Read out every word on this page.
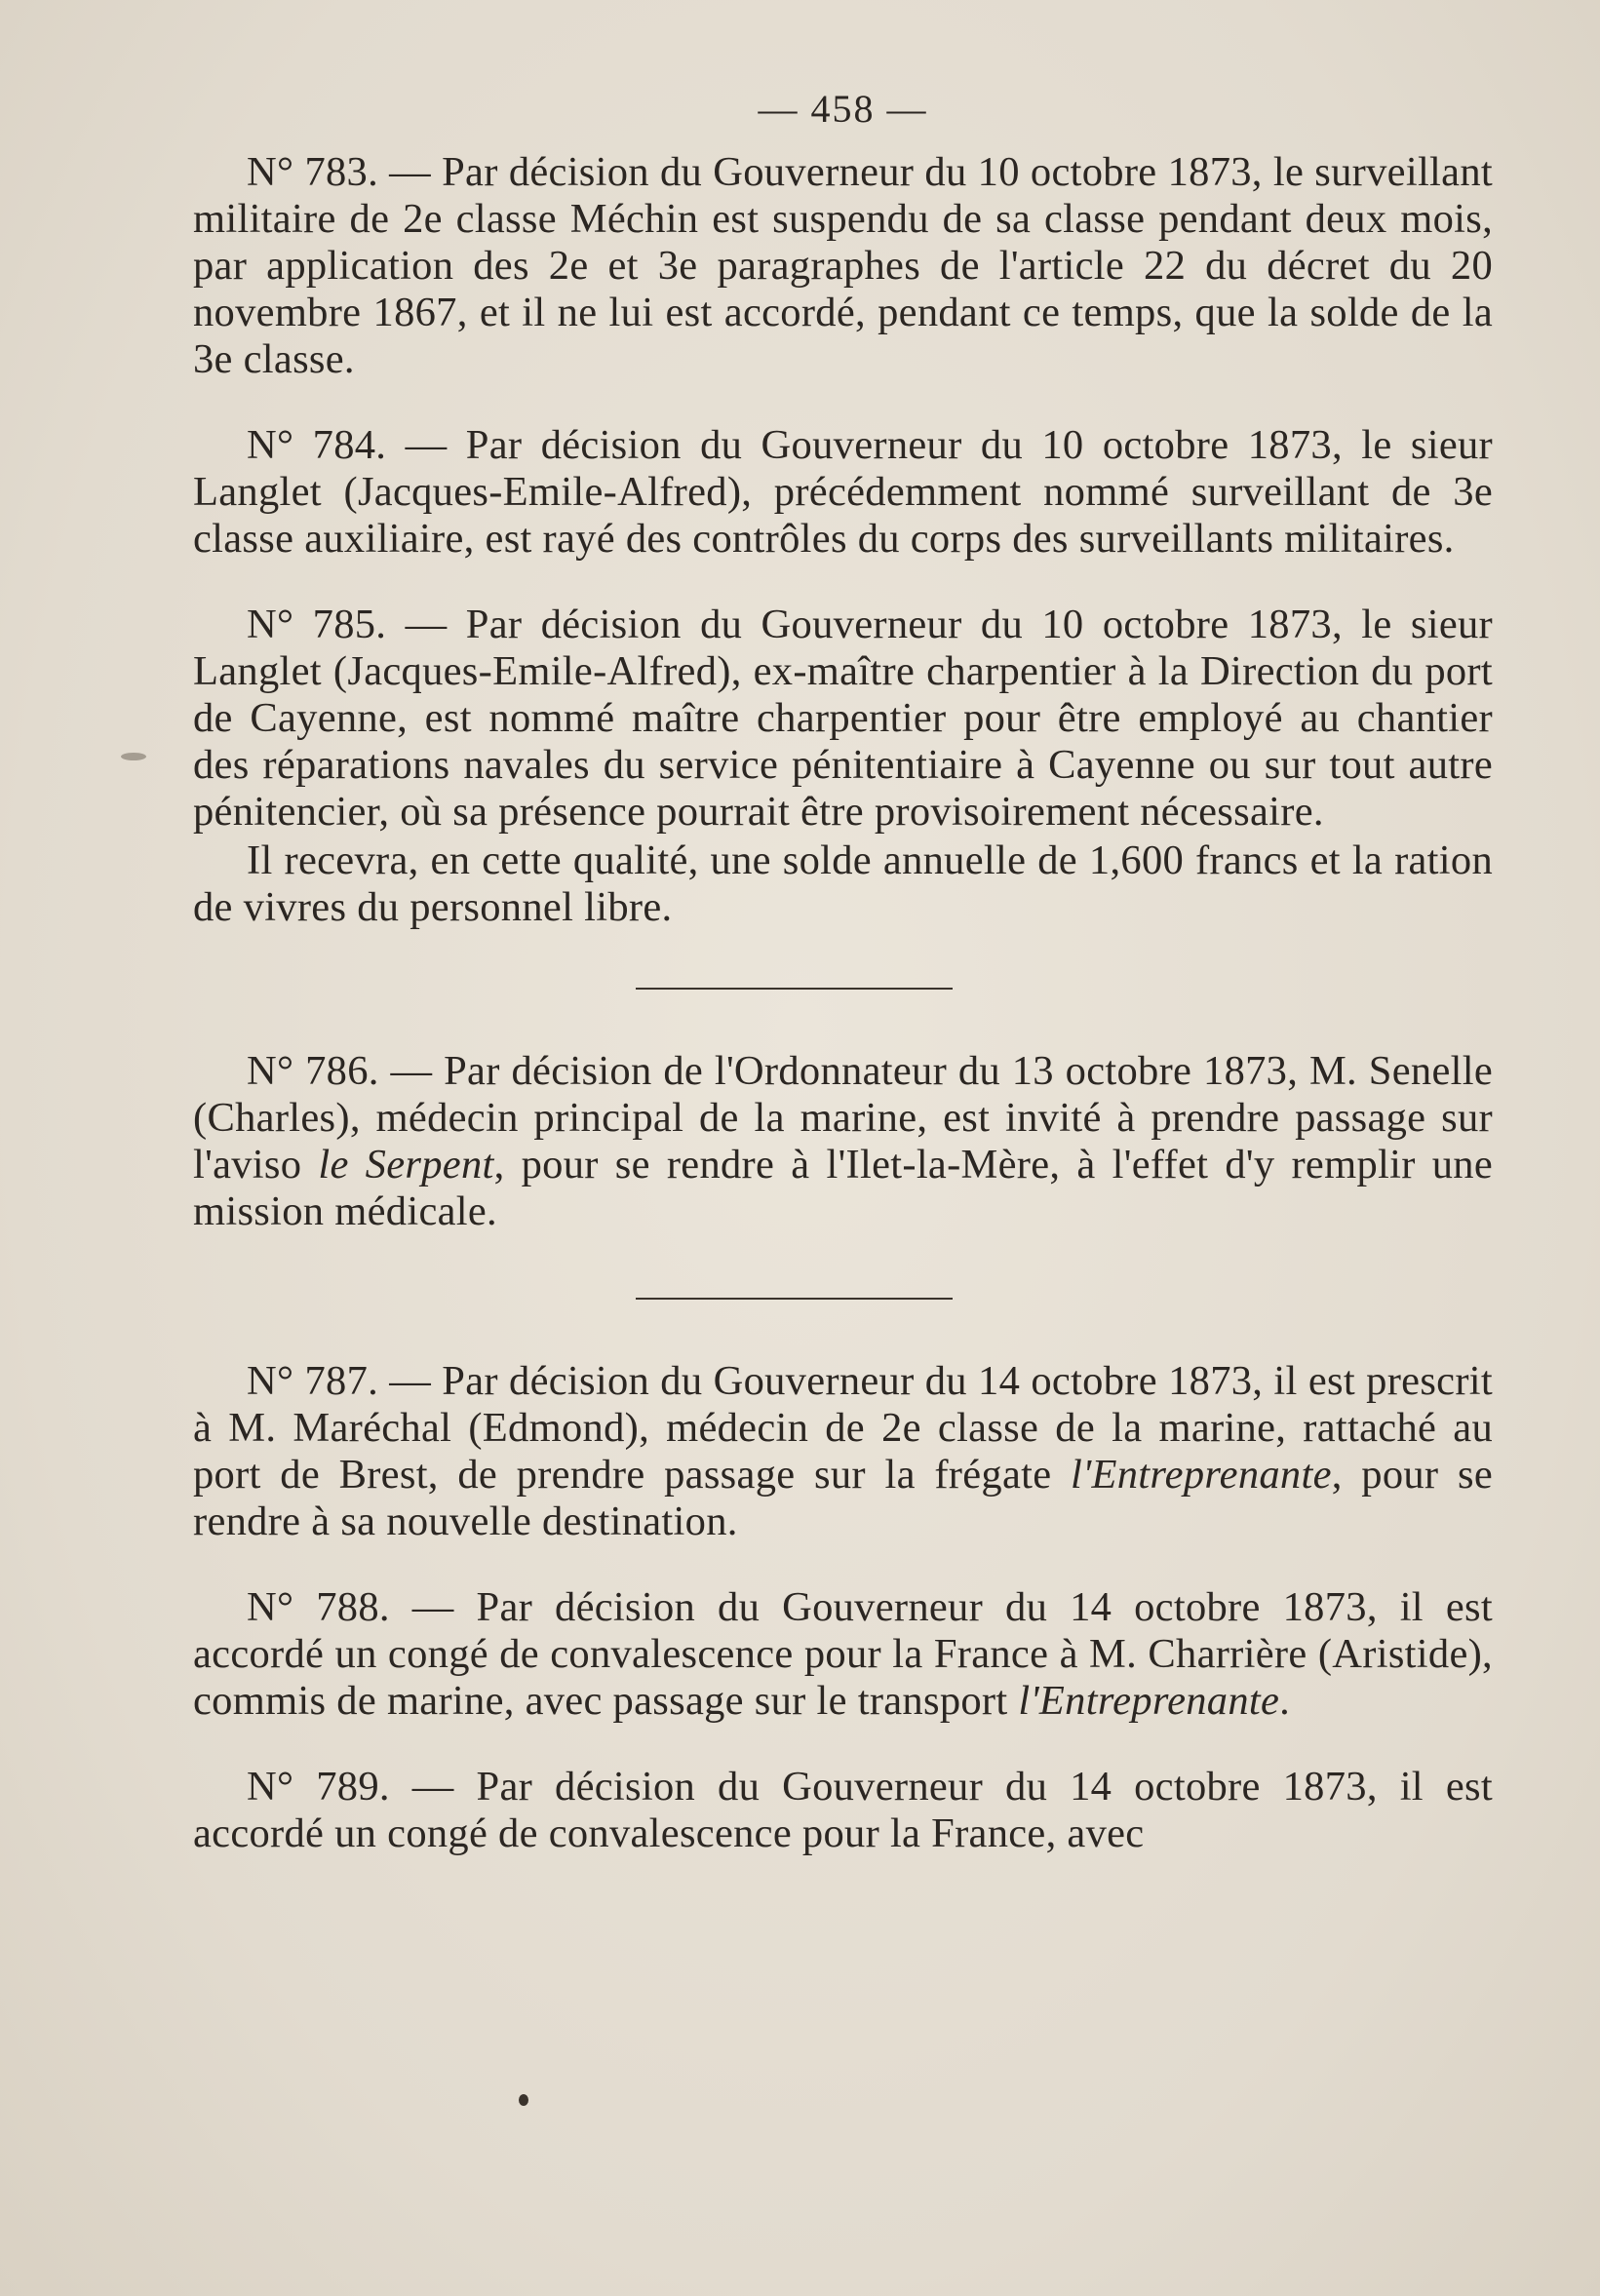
— 458 —

N° 783. — Par décision du Gouverneur du 10 octobre 1873, le surveillant militaire de 2e classe Méchin est suspendu de sa classe pendant deux mois, par application des 2e et 3e paragraphes de l'article 22 du décret du 20 novembre 1867, et il ne lui est accordé, pendant ce temps, que la solde de la 3e classe.

N° 784. — Par décision du Gouverneur du 10 octobre 1873, le sieur Langlet (Jacques-Emile-Alfred), précédemment nommé surveillant de 3e classe auxiliaire, est rayé des contrôles du corps des surveillants militaires.

N° 785. — Par décision du Gouverneur du 10 octobre 1873, le sieur Langlet (Jacques-Emile-Alfred), ex-maître charpentier à la Direction du port de Cayenne, est nommé maître charpentier pour être employé au chantier des réparations navales du service pénitentiaire à Cayenne ou sur tout autre pénitencier, où sa présence pourrait être provisoirement nécessaire.

Il recevra, en cette qualité, une solde annuelle de 1,600 francs et la ration de vivres du personnel libre.

N° 786. — Par décision de l'Ordonnateur du 13 octobre 1873, M. Senelle (Charles), médecin principal de la marine, est invité à prendre passage sur l'aviso le Serpent, pour se rendre à l'Ilet-la-Mère, à l'effet d'y remplir une mission médicale.

N° 787. — Par décision du Gouverneur du 14 octobre 1873, il est prescrit à M. Maréchal (Edmond), médecin de 2e classe de la marine, rattaché au port de Brest, de prendre passage sur la frégate l'Entreprenante, pour se rendre à sa nouvelle destination.

N° 788. — Par décision du Gouverneur du 14 octobre 1873, il est accordé un congé de convalescence pour la France à M. Charrière (Aristide), commis de marine, avec passage sur le transport l'Entreprenante.

N° 789. — Par décision du Gouverneur du 14 octobre 1873, il est accordé un congé de convalescence pour la France, avec
